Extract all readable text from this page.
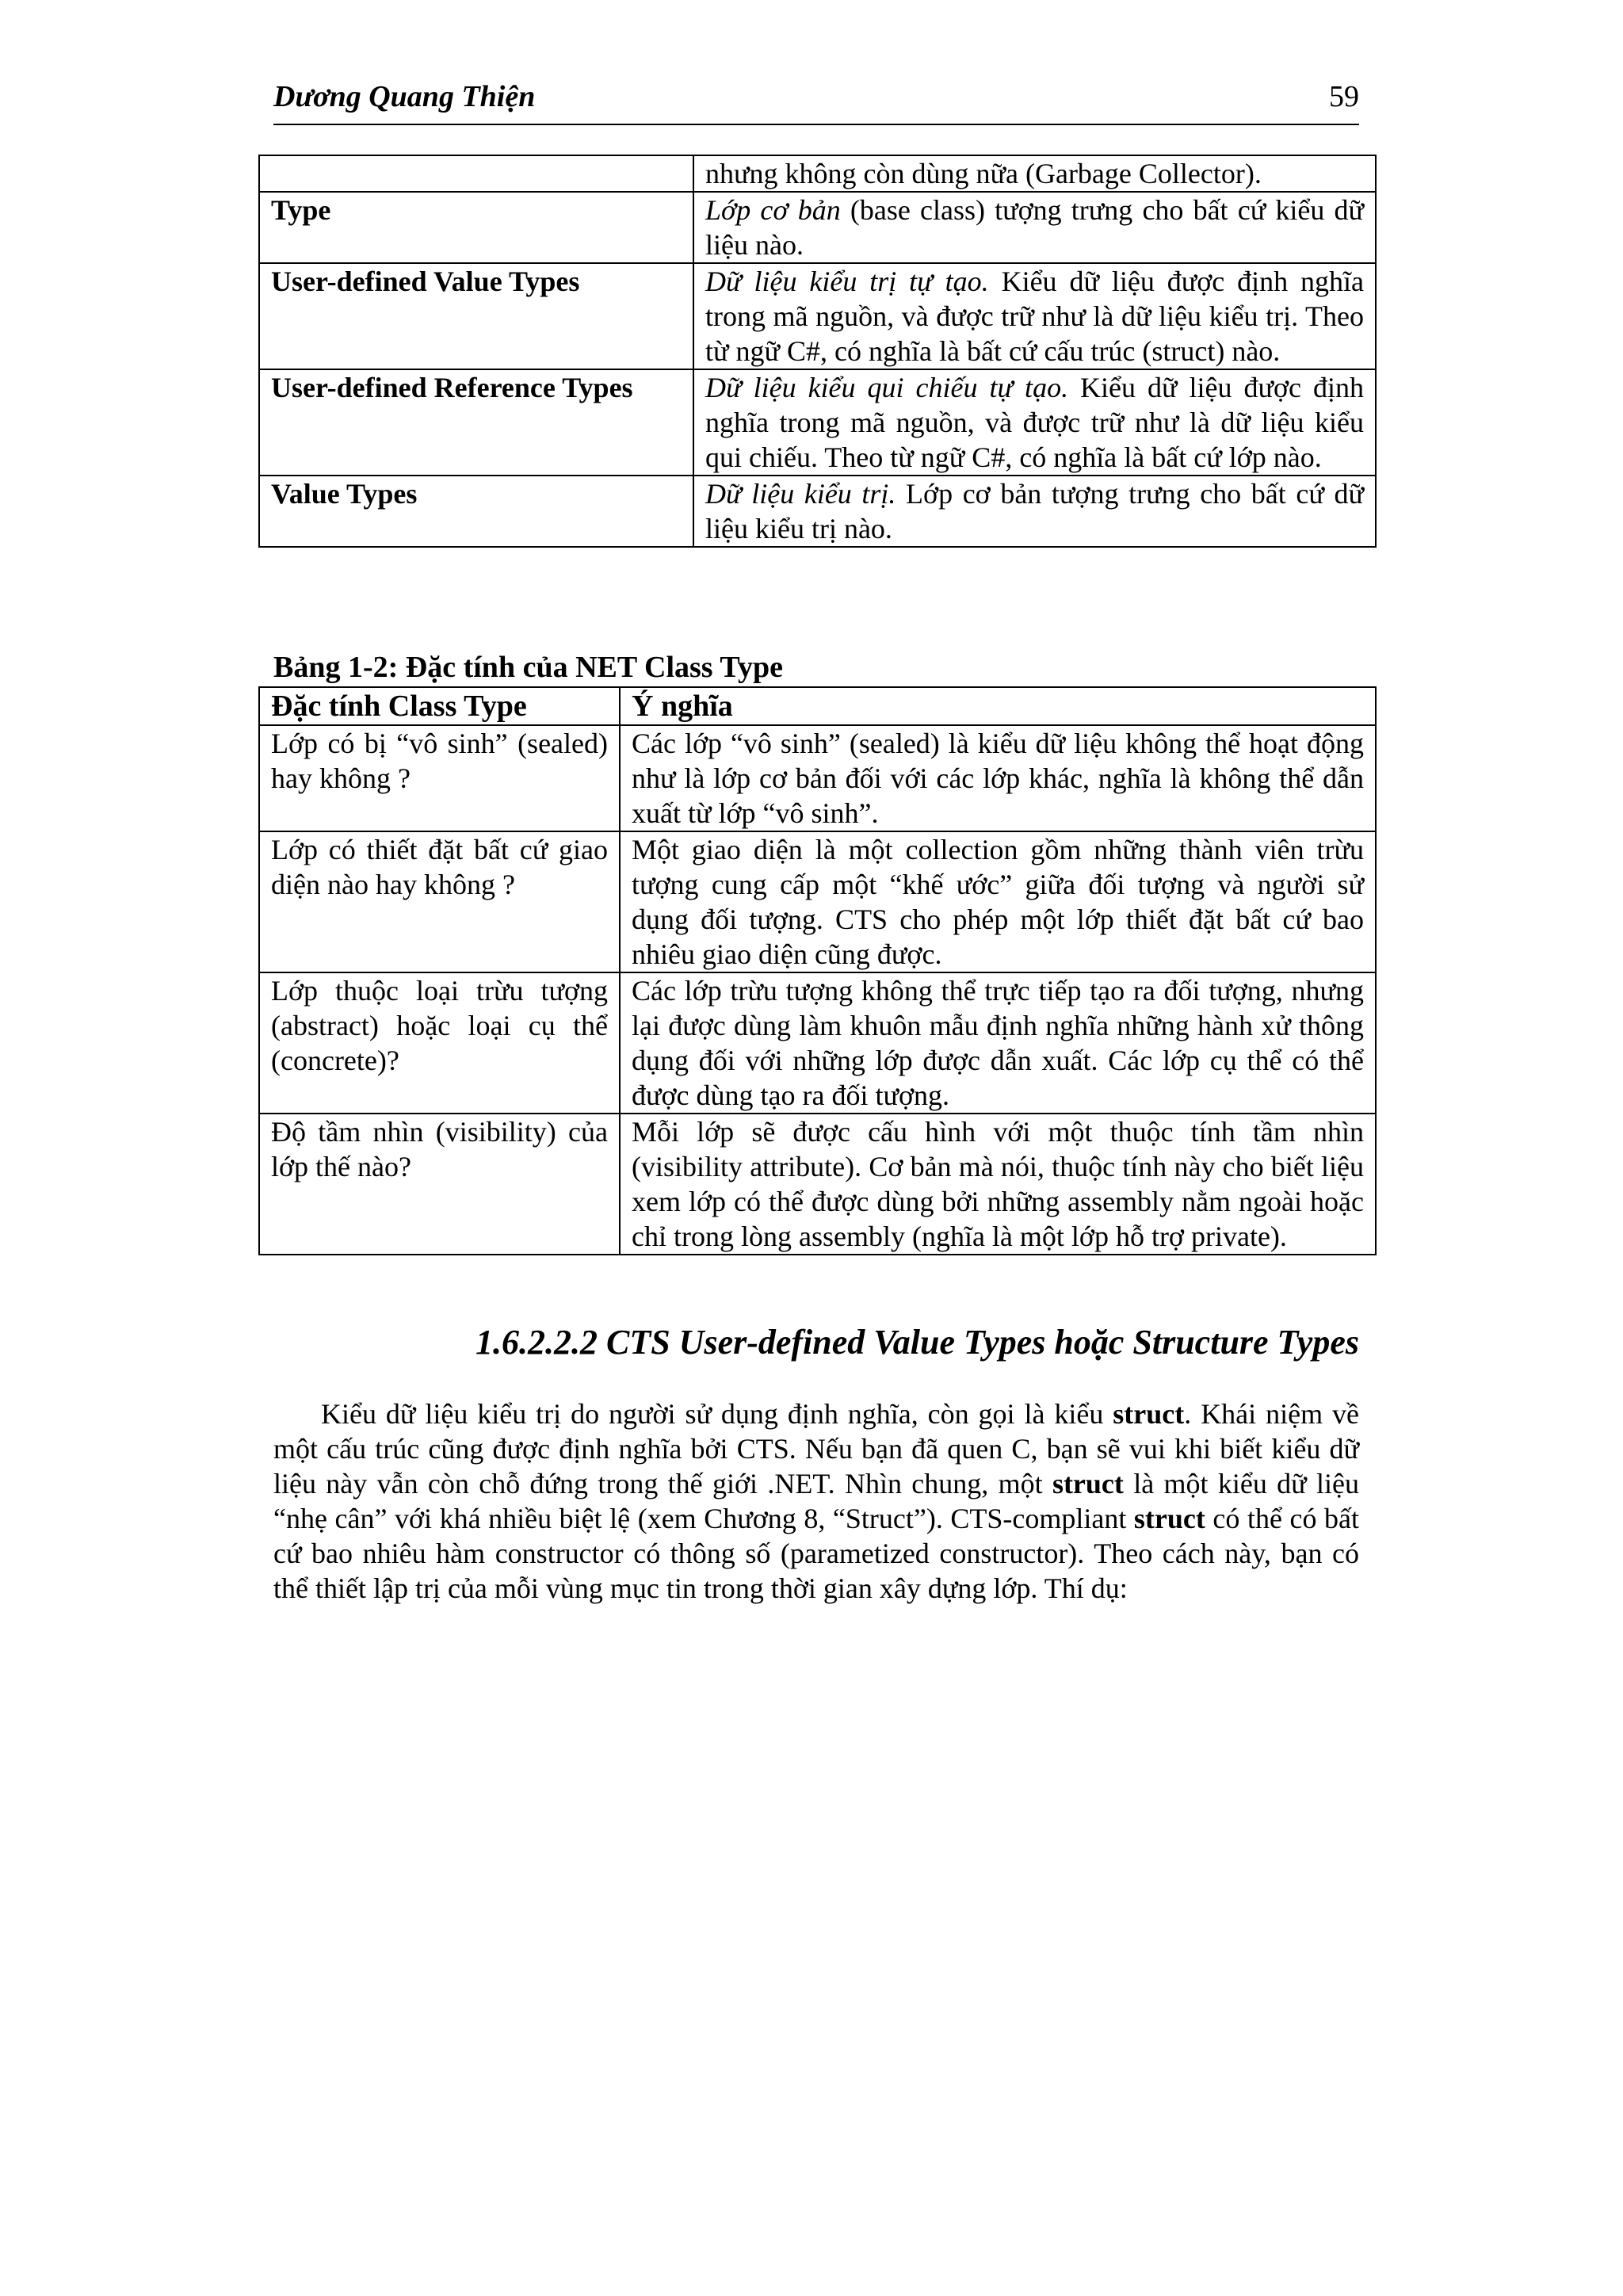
Dương Quang Thiện	59
	nhưng không còn dùng nữa (Garbage Collector).
Type	Lớp cơ bản (base class) tượng trưng cho bất cứ kiểu dữ liệu nào.
User-defined Value Types	Dữ liệu kiểu trị tự tạo. Kiểu dữ liệu được định nghĩa trong mã nguồn, và được trữ như là dữ liệu kiểu trị. Theo từ ngữ C#, có nghĩa là bất cứ cấu trúc (struct) nào.
User-defined Reference Types	Dữ liệu kiểu qui chiếu tự tạo. Kiểu dữ liệu được định nghĩa trong mã nguồn, và được trữ như là dữ liệu kiểu qui chiếu. Theo từ ngữ C#, có nghĩa là bất cứ lớp nào.
Value Types	Dữ liệu kiểu trị. Lớp cơ bản tượng trưng cho bất cứ dữ liệu kiểu trị nào.
Bảng 1-2: Đặc tính của NET Class Type
Đặc tính Class Type	Ý nghĩa
Lớp có bị “vô sinh” (sealed) hay không ?	Các lớp “vô sinh” (sealed) là kiểu dữ liệu không thể hoạt động như là lớp cơ bản đối với các lớp khác, nghĩa là không thể dẫn xuất từ lớp “vô sinh”.
Lớp có thiết đặt bất cứ giao diện nào hay không ?	Một giao diện là một collection gồm những thành viên trừu tượng cung cấp một “khế ước” giữa đối tượng và người sử dụng đối tượng. CTS cho phép một lớp thiết đặt bất cứ bao nhiêu giao diện cũng được.
Lớp thuộc loại trừu tượng (abstract) hoặc loại cụ thể (concrete)?	Các lớp trừu tượng không thể trực tiếp tạo ra đối tượng, nhưng lại được dùng làm khuôn mẫu định nghĩa những hành xử thông dụng đối với những lớp được dẫn xuất. Các lớp cụ thể có thể được dùng tạo ra đối tượng.
Độ tầm nhìn (visibility) của lớp thế nào?	Mỗi lớp sẽ được cấu hình với một thuộc tính tầm nhìn (visibility attribute). Cơ bản mà nói, thuộc tính này cho biết liệu xem lớp có thể được dùng bởi những assembly nằm ngoài hoặc chỉ trong lòng assembly (nghĩa là một lớp hỗ trợ private).
1.6.2.2.2 CTS User-defined Value Types hoặc Structure Types

Kiểu dữ liệu kiểu trị do người sử dụng định nghĩa, còn gọi là kiểu struct. Khái niệm về một cấu trúc cũng được định nghĩa bởi CTS. Nếu bạn đã quen C, bạn sẽ vui khi biết kiểu dữ liệu này vẫn còn chỗ đứng trong thế giới .NET. Nhìn chung, một struct là một kiểu dữ liệu “nhẹ cân” với khá nhiều biệt lệ (xem Chương 8, “Struct”). CTS-compliant struct có thể có bất cứ bao nhiêu hàm constructor có thông số (parametized constructor). Theo cách này, bạn có thể thiết lập trị của mỗi vùng mục tin trong thời gian xây dựng lớp. Thí dụ:
